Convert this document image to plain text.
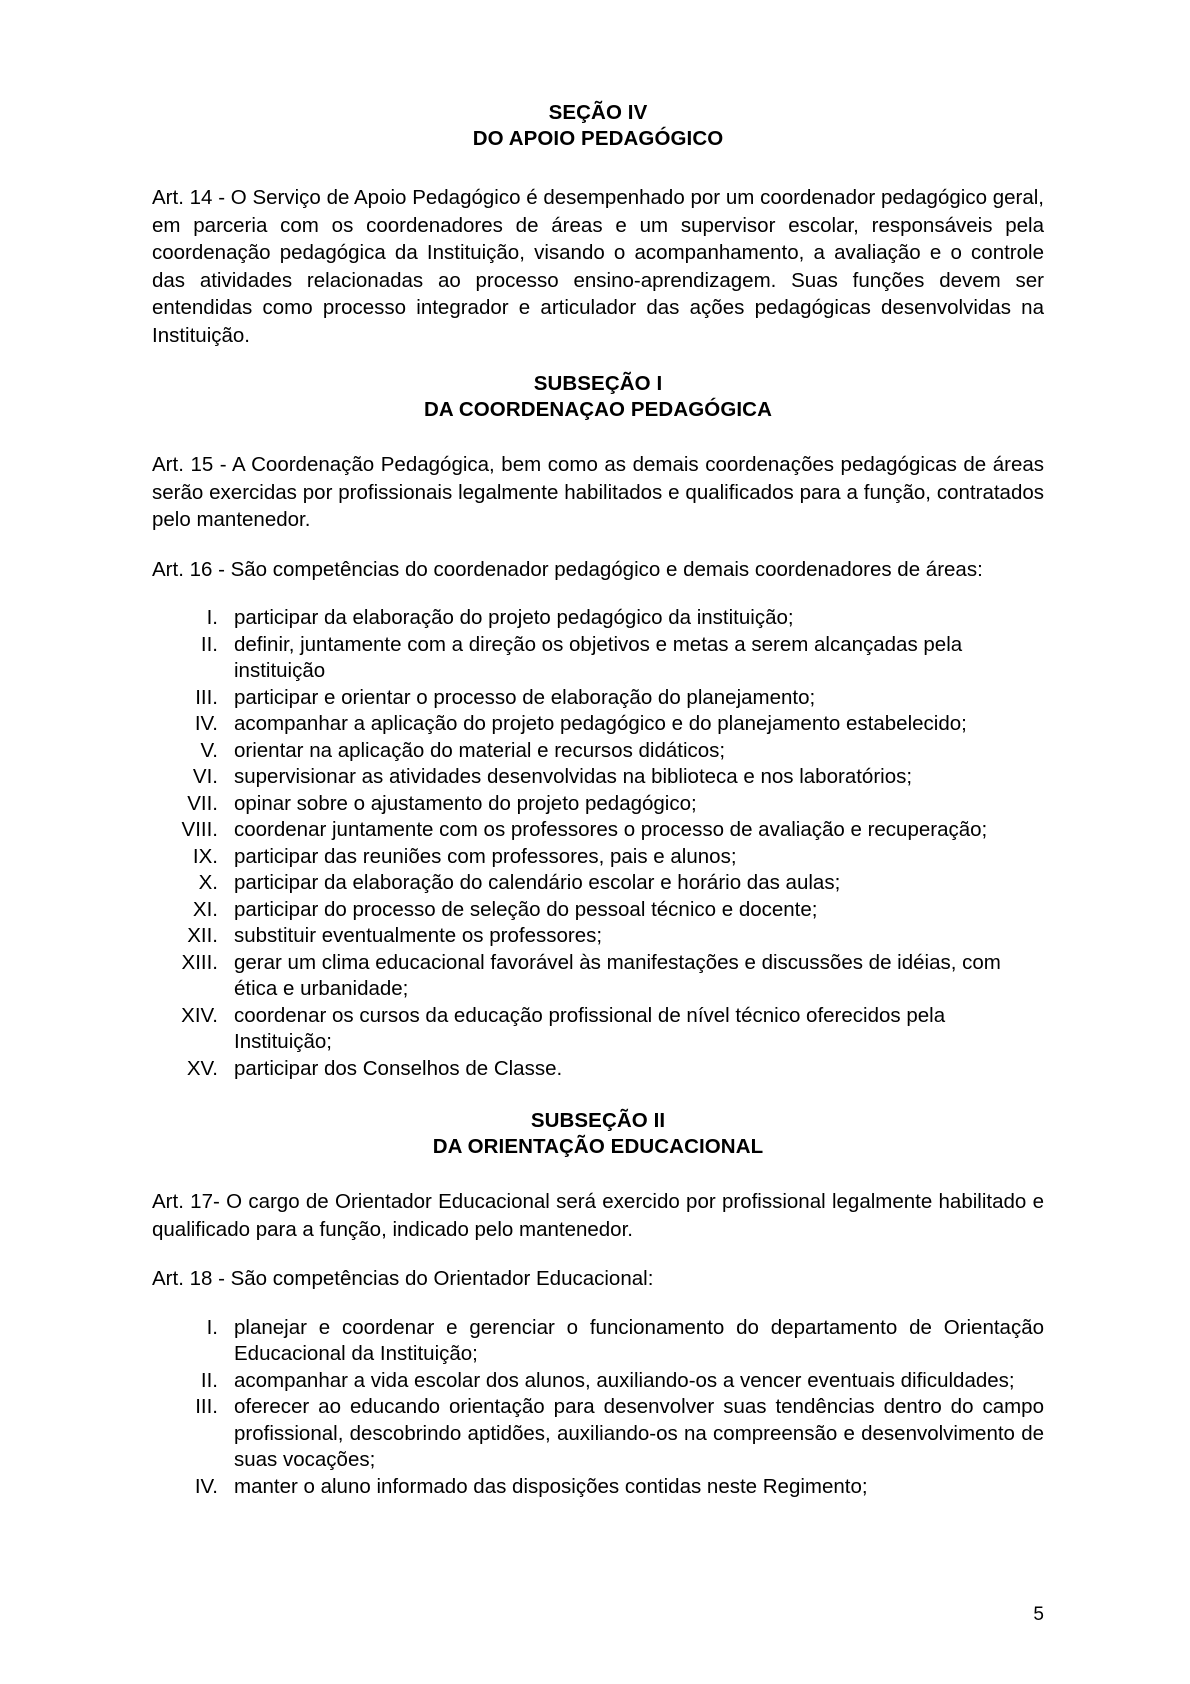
SEÇÃO IV
DO APOIO PEDAGÓGICO

Art. 14 - O Serviço de Apoio Pedagógico é desempenhado por um coordenador pedagógico geral, em parceria com os coordenadores de áreas e um supervisor escolar, responsáveis pela coordenação pedagógica da Instituição, visando o acompanhamento, a avaliação e o controle das atividades relacionadas ao processo ensino-aprendizagem. Suas funções devem ser entendidas como processo integrador e articulador das ações pedagógicas desenvolvidas na Instituição.

SUBSEÇÃO I
DA COORDENAÇAO PEDAGÓGICA

Art. 15 - A Coordenação Pedagógica, bem como as demais coordenações pedagógicas de áreas serão exercidas por profissionais legalmente habilitados e qualificados para a função, contratados pelo mantenedor.

Art. 16 - São competências do coordenador pedagógico e demais coordenadores de áreas:

I. participar da elaboração do projeto pedagógico da instituição;
II. definir, juntamente com a direção os objetivos e metas a serem alcançadas pela instituição
III. participar e orientar o processo de elaboração do planejamento;
IV. acompanhar a aplicação do projeto pedagógico e do planejamento estabelecido;
V. orientar na aplicação do material e recursos didáticos;
VI. supervisionar as atividades desenvolvidas na biblioteca e nos laboratórios;
VII. opinar sobre o ajustamento do projeto pedagógico;
VIII. coordenar juntamente com os professores o processo de avaliação e recuperação;
IX. participar das reuniões com professores, pais e alunos;
X. participar da elaboração do calendário escolar e horário das aulas;
XI. participar do processo de seleção do pessoal técnico e docente;
XII. substituir eventualmente os professores;
XIII. gerar um clima educacional favorável às manifestações e discussões de idéias, com ética e urbanidade;
XIV. coordenar os cursos da educação profissional de nível técnico oferecidos pela Instituição;
XV. participar dos Conselhos de Classe.
SUBSEÇÃO II
DA ORIENTAÇÃO EDUCACIONAL

Art. 17- O cargo de Orientador Educacional será exercido por profissional legalmente habilitado e qualificado para a função, indicado pelo mantenedor.

Art. 18 - São competências do Orientador Educacional:

I. planejar e coordenar e gerenciar o funcionamento do departamento de Orientação Educacional da Instituição;
II. acompanhar a vida escolar dos alunos, auxiliando-os a vencer eventuais dificuldades;
III. oferecer ao educando orientação para desenvolver suas tendências dentro do campo profissional, descobrindo aptidões, auxiliando-os na compreensão e desenvolvimento de suas vocações;
IV. manter o aluno informado das disposições contidas neste Regimento;
5
